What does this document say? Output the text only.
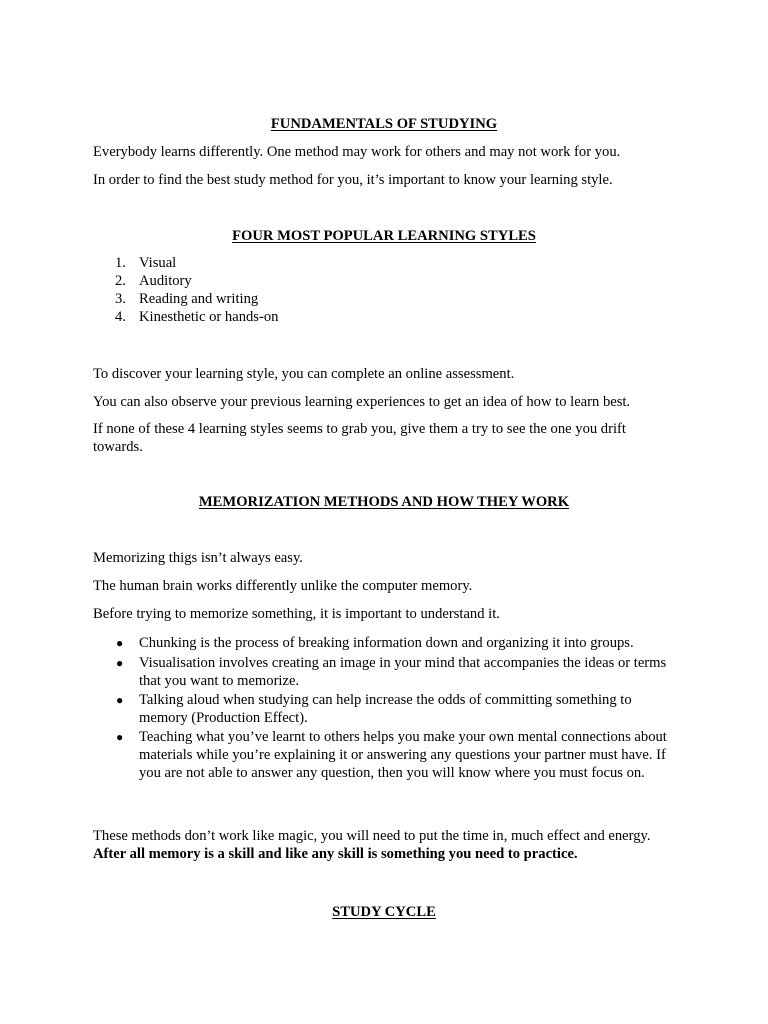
FUNDAMENTALS OF STUDYING
Everybody learns differently. One method may work for others and may not work for you.
In order to find the best study method for you, it’s important to know your learning style.
FOUR MOST POPULAR LEARNING STYLES
1. Visual
2. Auditory
3. Reading and writing
4. Kinesthetic or hands-on
To discover your learning style, you can complete an online assessment.
You can also observe your previous learning experiences to get an idea of how to learn best.
If none of these 4 learning styles seems to grab you, give them a try to see the one you drift towards.
MEMORIZATION METHODS AND HOW THEY WORK
Memorizing thigs isn’t always easy.
The human brain works differently unlike the computer memory.
Before trying to memorize something, it is important to understand it.
● Chunking is the process of breaking information down and organizing it into groups.
● Visualisation involves creating an image in your mind that accompanies the ideas or terms that you want to memorize.
● Talking aloud when studying can help increase the odds of committing something to memory (Production Effect).
● Teaching what you’ve learnt to others helps you make your own mental connections about materials while you’re explaining it or answering any questions your partner must have. If you are not able to answer any question, then you will know where you must focus on.
These methods don’t work like magic, you will need to put the time in, much effect and energy. After all memory is a skill and like any skill is something you need to practice.
STUDY CYCLE
